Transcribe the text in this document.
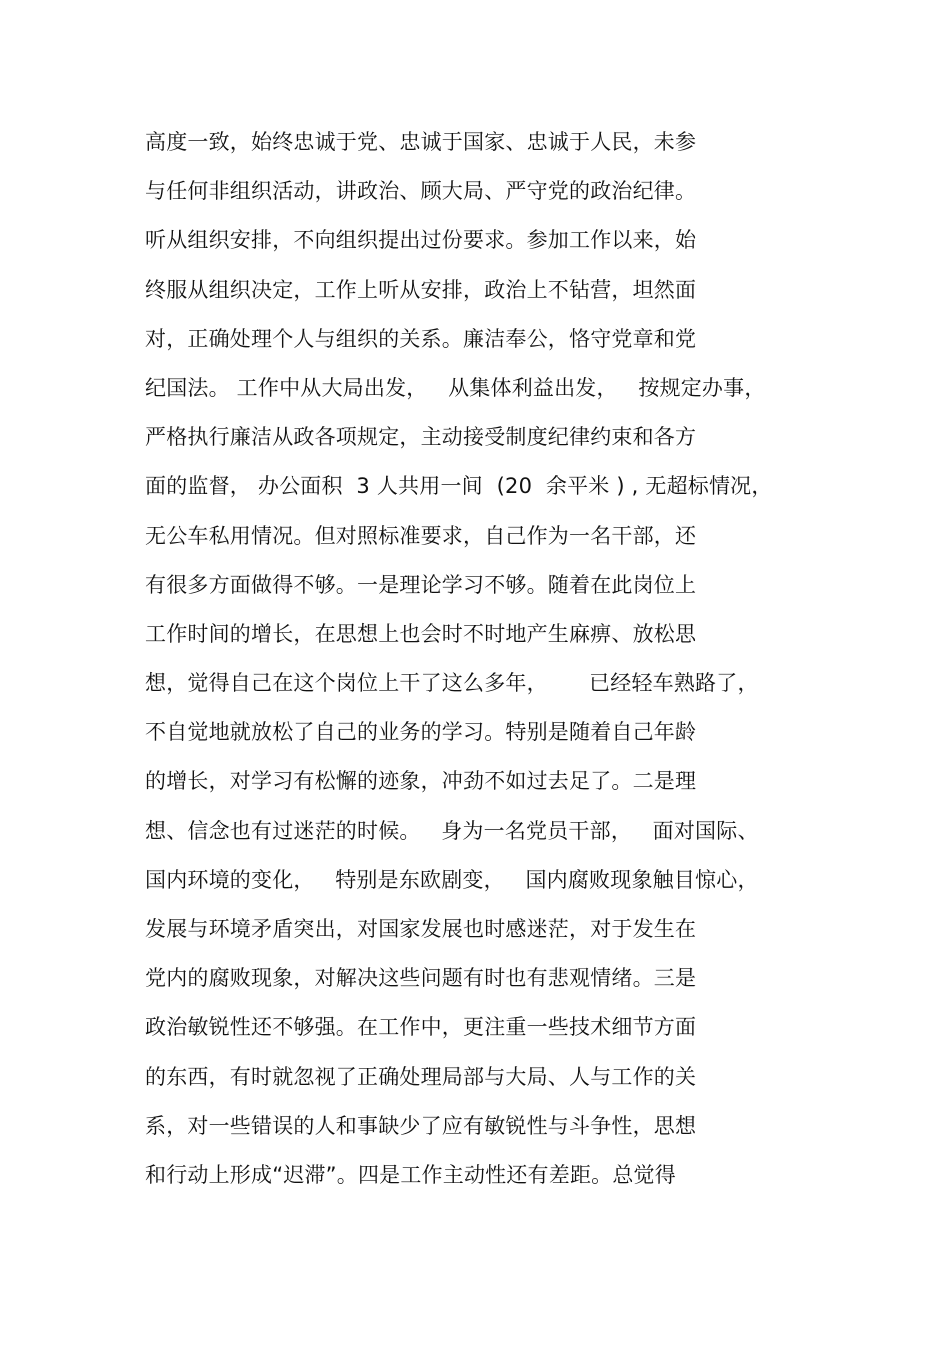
高度一致，始终忠诚于党、忠诚于国家、忠诚于人民，未参
与任何非组织活动，讲政治、顾大局、严守党的政治纪律。
听从组织安排，不向组织提出过份要求。参加工作以来，始
终服从组织决定，工作上听从安排，政治上不钻营，坦然面
对，正确处理个人与组织的关系。廉洁奉公，恪守党章和党
纪国法。 工作中从大局出发，   从集体利益出发，   按规定办事，
严格执行廉洁从政各项规定，主动接受制度纪律约束和各方
面的监督， 办公面积  3 人共用一间  (20  余平米 ) , 无超标情况，
无公车私用情况。但对照标准要求，自己作为一名干部，还
有很多方面做得不够。一是理论学习不够。随着在此岗位上
工作时间的增长，在思想上也会时不时地产生麻痹、放松思
想，觉得自己在这个岗位上干了这么多年，      已经轻车熟路了，
不自觉地就放松了自己的业务的学习。特别是随着自己年龄
的增长，对学习有松懈的迹象，冲劲不如过去足了。二是理
想、信念也有过迷茫的时候。   身为一名党员干部，   面对国际、
国内环境的变化，   特别是东欧剧变，   国内腐败现象触目惊心，
发展与环境矛盾突出，对国家发展也时感迷茫，对于发生在
党内的腐败现象，对解决这些问题有时也有悲观情绪。三是
政治敏锐性还不够强。在工作中，更注重一些技术细节方面
的东西，有时就忽视了正确处理局部与大局、人与工作的关
系，对一些错误的人和事缺少了应有敏锐性与斗争性，思想
和行动上形成“迟滞”。四是工作主动性还有差距。总觉得
